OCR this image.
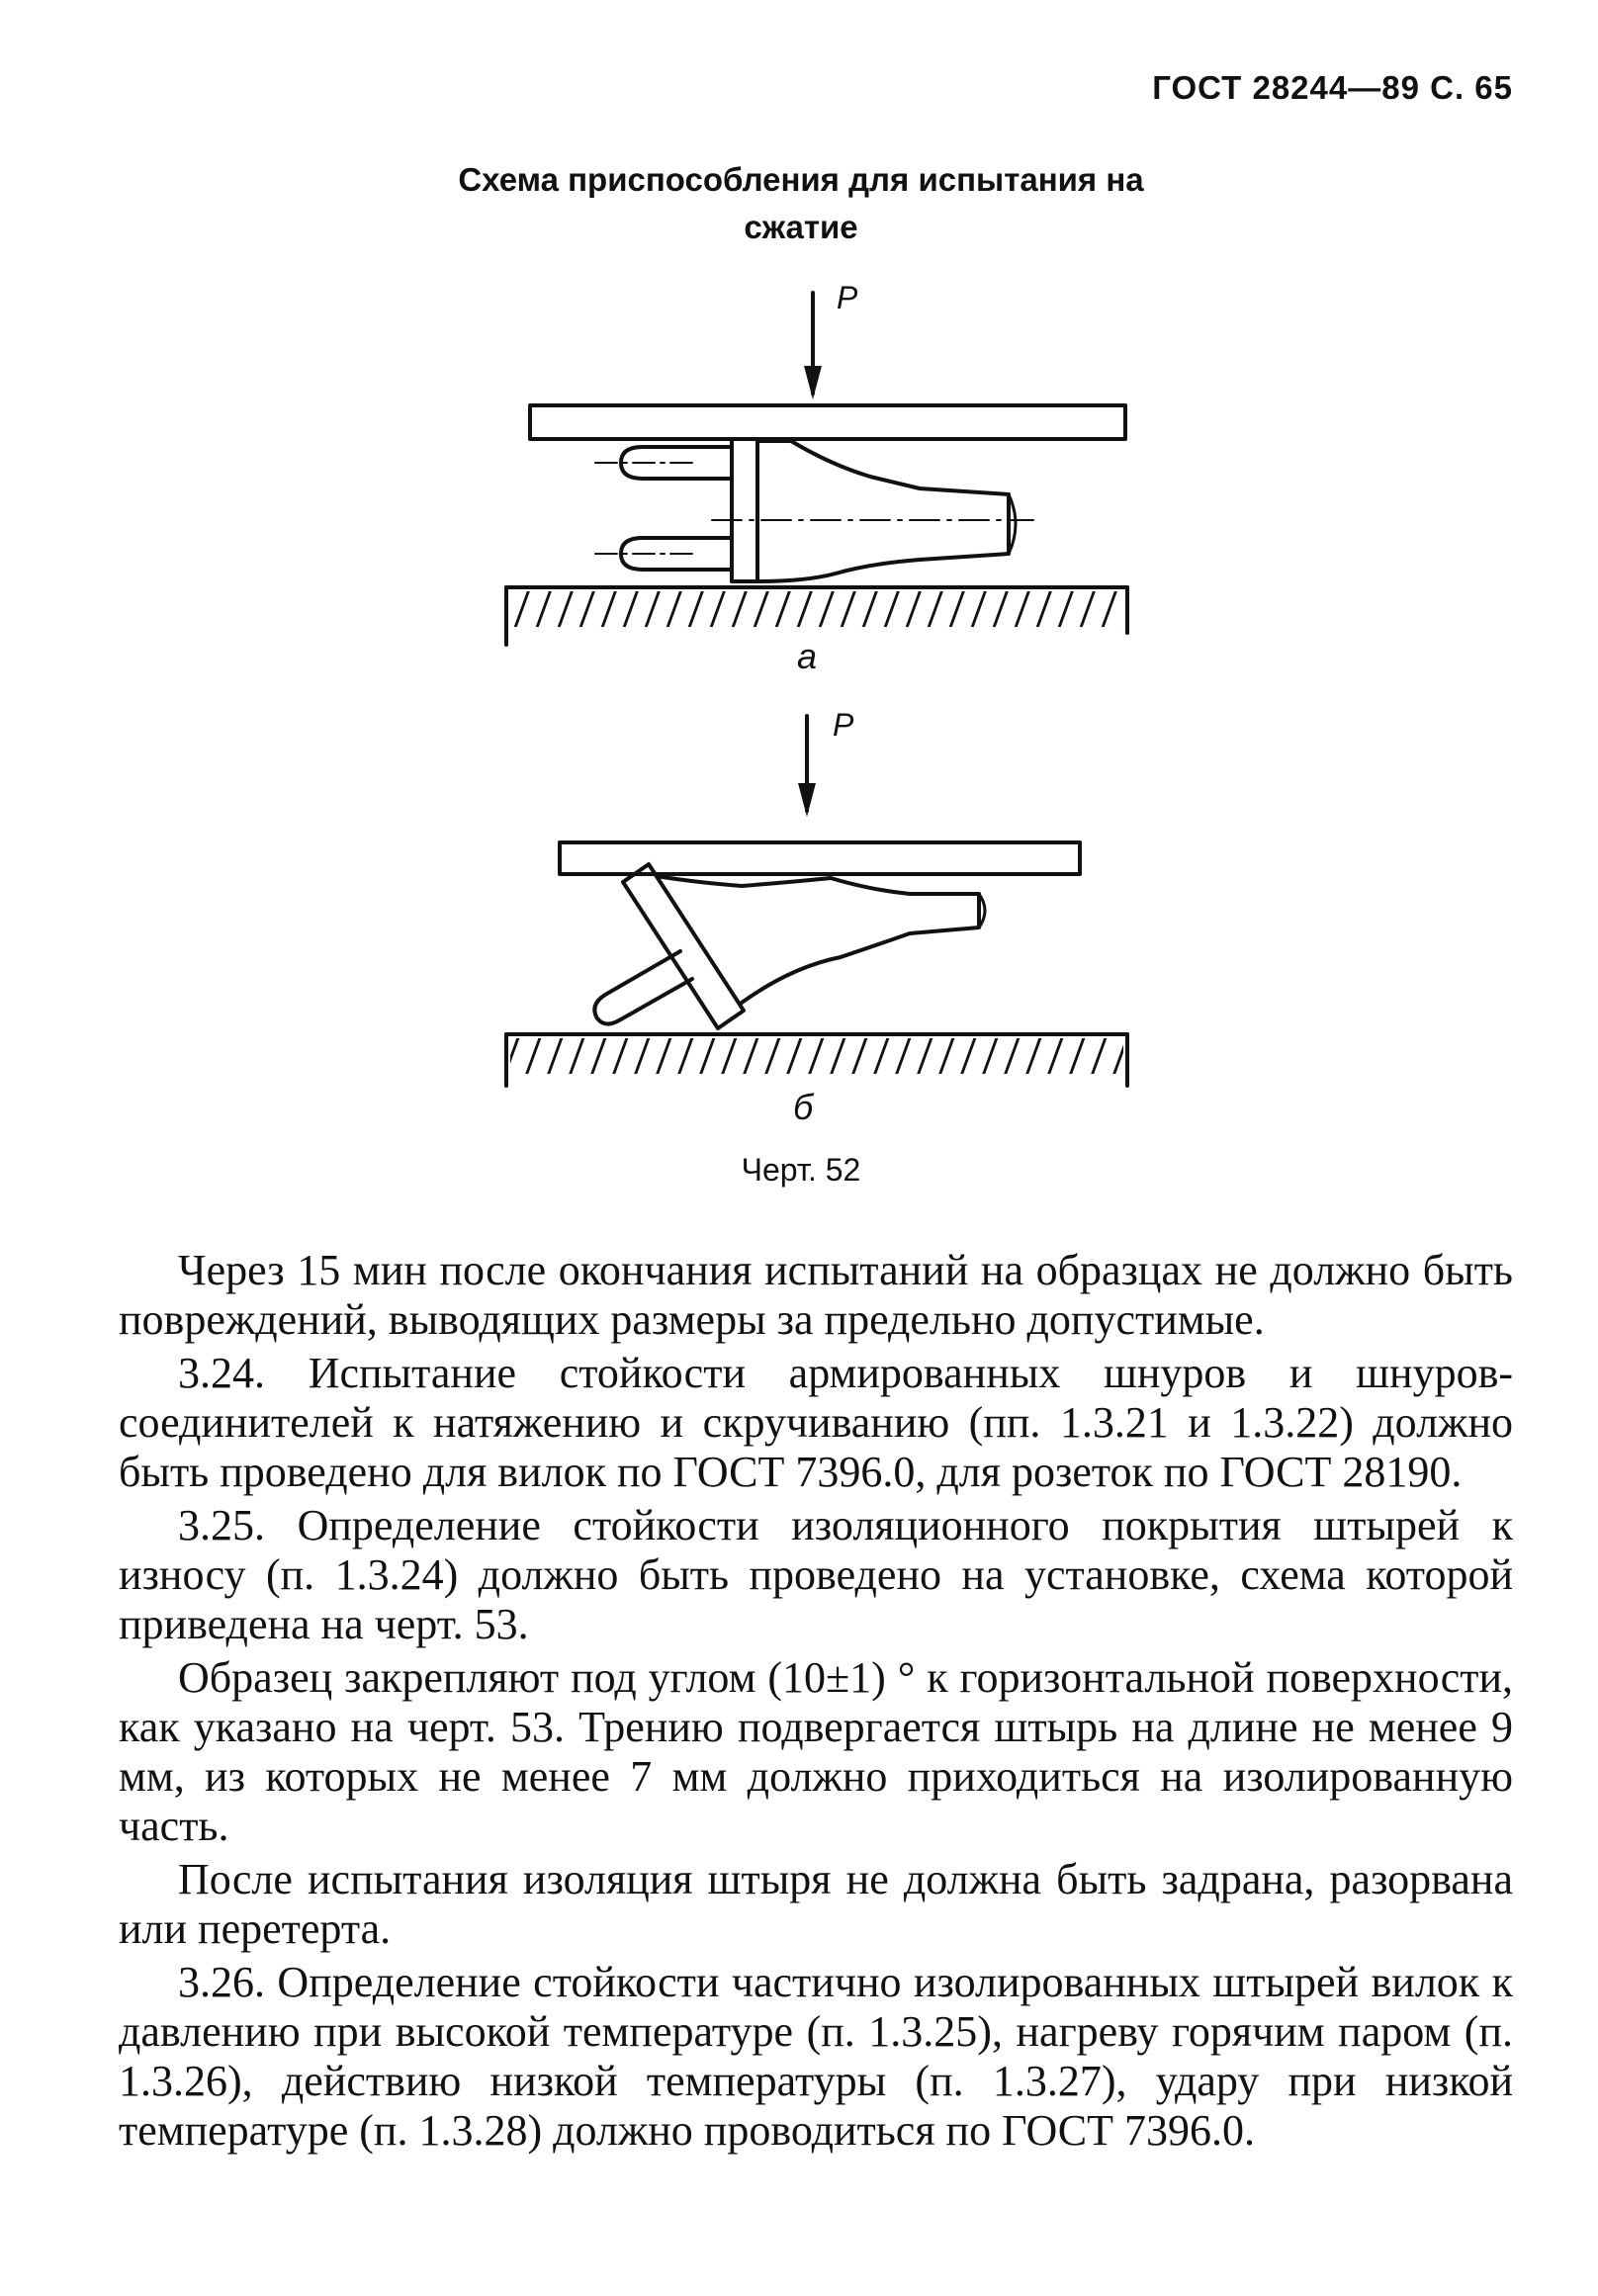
ГОСТ 28244—89 С. 65
Схема приспособления для испытания на
сжатие
P
а
P
б
Черт. 52

Через 15 мин после окончания испытаний на образцах не должно быть повреждений, выводящих размеры за предельно допустимые.

3.24. Испытание стойкости армированных шнуров и шнуров-соединителей к натяжению и скручиванию (пп. 1.3.21 и 1.3.22) должно быть проведено для вилок по ГОСТ 7396.0, для розеток по ГОСТ 28190.

3.25. Определение стойкости изоляционного покрытия штырей к износу (п. 1.3.24) должно быть проведено на установке, схема которой приведена на черт. 53.

Образец закрепляют под углом (10±1) ° к горизонтальной поверхности, как указано на черт. 53. Трению подвергается штырь на длине не менее 9 мм, из которых не менее 7 мм должно приходиться на изолированную часть.

После испытания изоляция штыря не должна быть задрана, разорвана или перетерта.

3.26. Определение стойкости частично изолированных штырей вилок к давлению при высокой температуре (п. 1.3.25), нагреву горячим паром (п. 1.3.26), действию низкой температуры (п. 1.3.27), удару при низкой температуре (п. 1.3.28) должно проводиться по ГОСТ 7396.0.
